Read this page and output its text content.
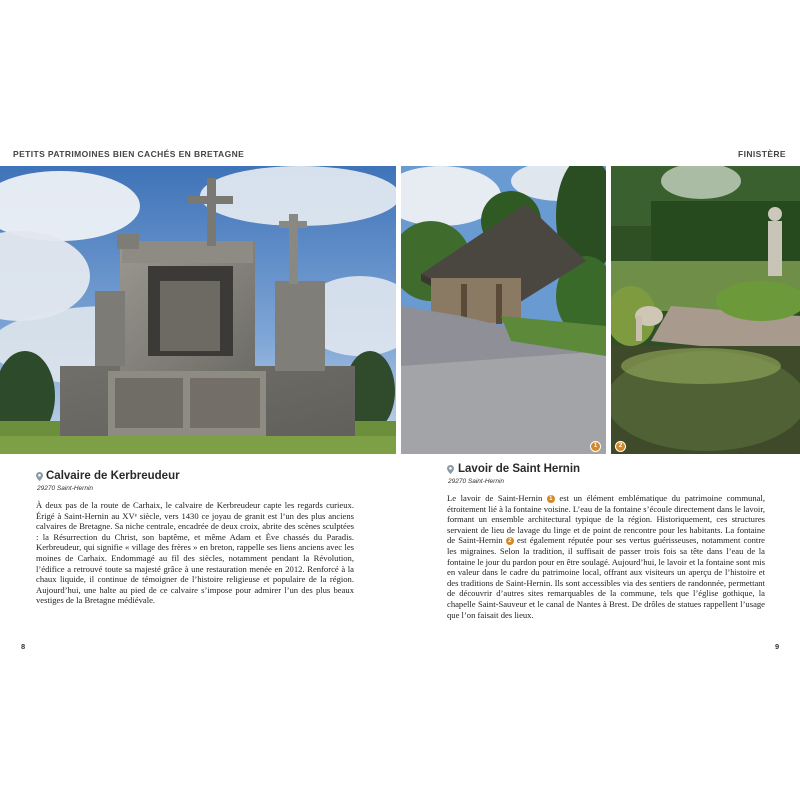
PETITS PATRIMOINES BIEN CACHÉS EN BRETAGNE	FINISTÈRE
1	2
Calvaire de Kerbreudeur
29270 Saint-Hernin

À deux pas de la route de Carhaix, le calvaire de Kerbreudeur capte les regards curieux. Érigé à Saint-Hernin au XVᵉ siècle, vers 1430 ce joyau de granit est l’un des plus anciens calvaires de Bretagne. Sa niche centrale, encadrée de deux croix, abrite des scènes sculptées : la Résurrection du Christ, son baptême, et même Adam et Ève chassés du Paradis. Kerbreudeur, qui signifie « village des frères » en breton, rappelle ses liens anciens avec les moines de Carhaix. Endommagé au fil des siècles, notamment pendant la Révolution, l’édifice a retrouvé toute sa majesté grâce à une restauration menée en 2012. Renforcé à la chaux liquide, il continue de témoigner de l’histoire religieuse et populaire de la région. Aujourd’hui, une halte au pied de ce calvaire s’impose pour admirer l’un des plus beaux vestiges de la Bretagne médiévale.

8
Lavoir de Saint Hernin
29270 Saint-Hernin

Le lavoir de Saint-Hernin 1 est un élément emblématique du patrimoine communal, étroitement lié à la fontaine voisine. L’eau de la fontaine s’écoule directement dans le lavoir, formant un ensemble architectural typique de la région. Historiquement, ces structures servaient de lieu de lavage du linge et de point de rencontre pour les habitants. La fontaine de Saint-Hernin 2 est également réputée pour ses vertus guérisseuses, notamment contre les migraines. Selon la tradition, il suffisait de passer trois fois sa tête dans l’eau de la fontaine le jour du pardon pour en être soulagé. Aujourd’hui, le lavoir et la fontaine sont mis en valeur dans le cadre du patrimoine local, offrant aux visiteurs un aperçu de l’histoire et des traditions de Saint-Hernin. Ils sont accessibles via des sentiers de randonnée, permettant de découvrir d’autres sites remarquables de la commune, tels que l’église gothique, la chapelle Saint-Sauveur et le canal de Nantes à Brest. De drôles de statues rappellent l’usage que l’on faisait des lieux.

9
